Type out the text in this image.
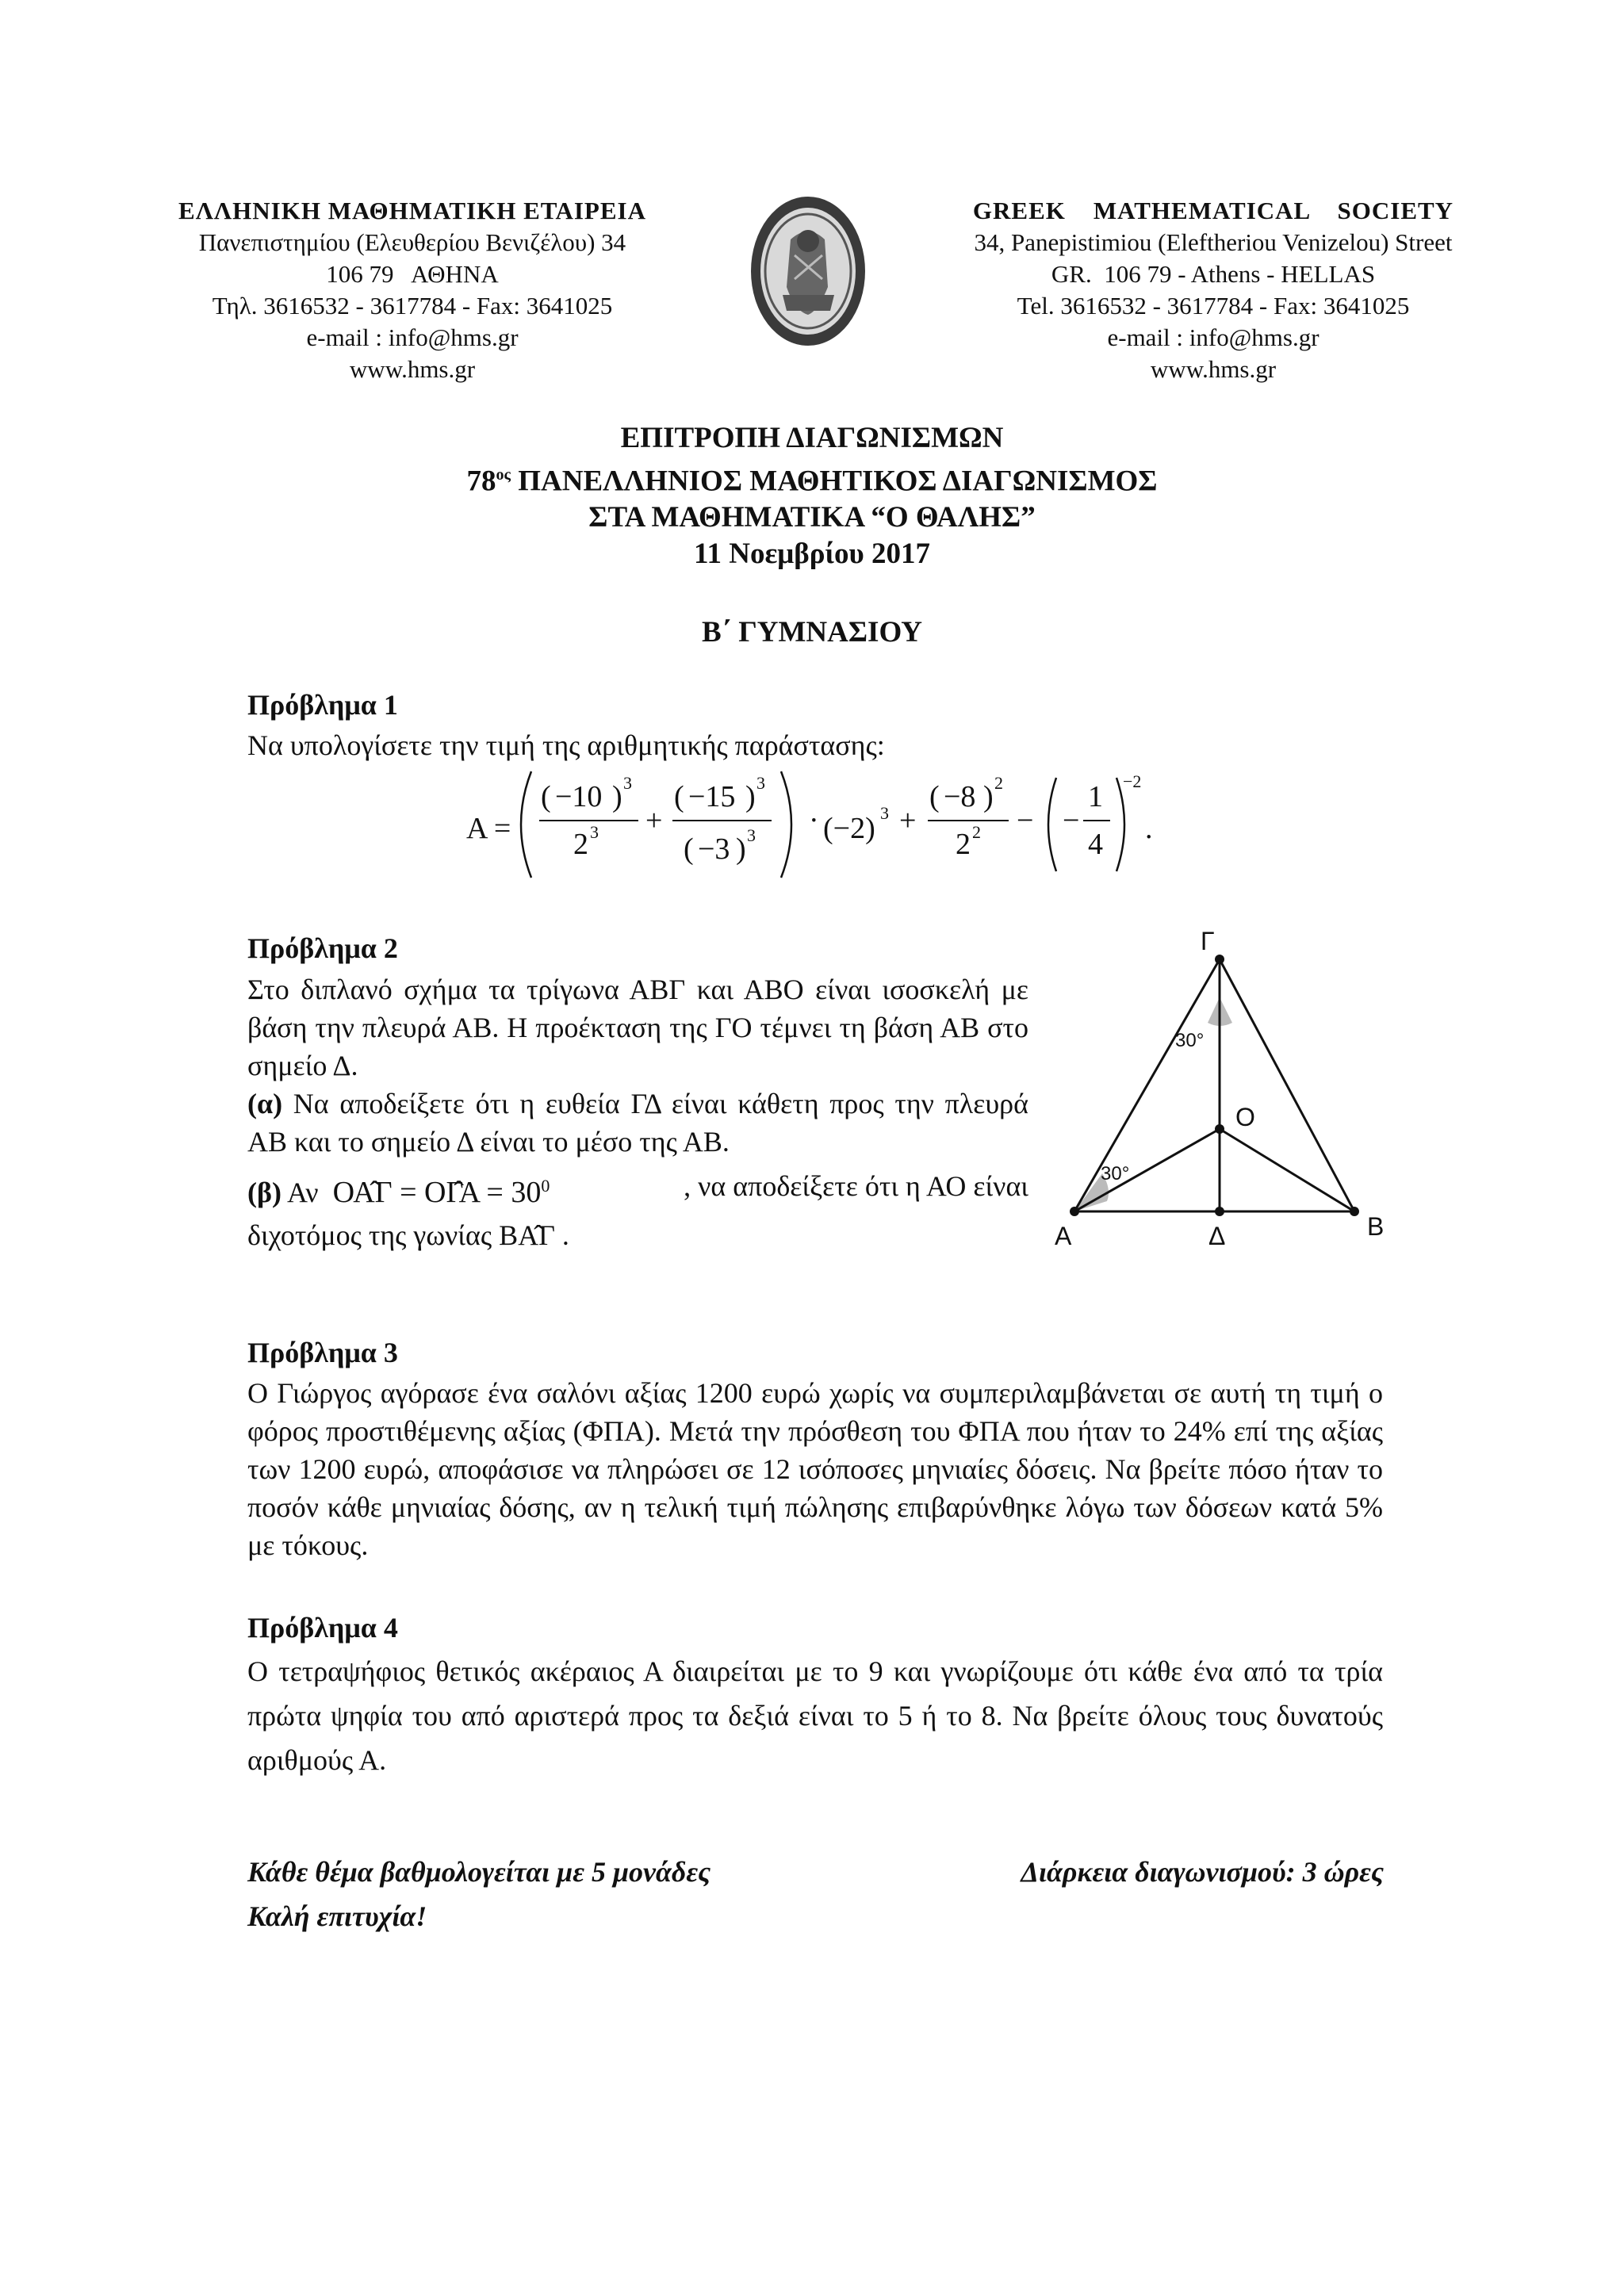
ΕΛΛΗΝΙΚΗ ΜΑΘΗΜΑΤΙΚΗ ΕΤΑΙΡΕΙΑ
Πανεπιστημίου (Ελευθερίου Βενιζέλου) 34
106 79   ΑΘΗΝΑ
Τηλ. 3616532 - 3617784 - Fax: 3641025
e-mail : info@hms.gr
www.hms.gr
GREEK    MATHEMATICAL    SOCIETY
34, Panepistimiou (Eleftheriou Venizelou) Street
GR.  106 79 - Athens - HELLAS
Tel. 3616532 - 3617784 - Fax: 3641025
e-mail : info@hms.gr
www.hms.gr
ΕΠΙΤΡΟΠΗ ΔΙΑΓΩΝΙΣΜΩΝ
$78^{o\varsigma}$ ΠΑΝΕΛΛΗΝΙΟΣ ΜΑΘΗΤΙΚΟΣ ΔΙΑΓΩΝΙΣΜΟΣ
ΣΤΑ ΜΑΘΗΜΑΤΙΚΑ “Ο ΘΑΛΗΣ”
11 Νοεμβρίου 2017
Β΄ ΓΥΜΝΑΣΙΟΥ
Πρόβλημα 1
Να υπολογίσετε την τιμή της αριθμητικής παράστασης:
Α =
( −10 ) 3
2 3 +
( −15 ) 3
( −3 ) 3 · (−2) 3 +
( −8 ) 2
2 2 − −
1
4
−2
.
Πρόβλημα 2
Στο διπλανό σχήμα τα τρίγωνα ΑΒΓ και ΑΒΟ είναι ισοσκελή με βάση την πλευρά ΑΒ. Η προέκταση της ΓΟ τέμνει τη βάση ΑΒ στο σημείο Δ.
(α) Να αποδείξετε ότι η ευθεία ΓΔ είναι κάθετη προς την πλευρά ΑΒ και το σημείο Δ είναι το μέσο της ΑΒ.
(β) Αν ΟΑ̂Γ = ΟΓ̂Α = $30^0$	, να αποδείξετε ότι η ΑΟ είναι
διχοτόμος της γωνίας ΒΑ̂Γ .
Γ
Ο
Α	Β
Δ
30°
30°
Πρόβλημα 3
Ο Γιώργος αγόρασε ένα σαλόνι αξίας 1200 ευρώ χωρίς να συμπεριλαμβάνεται σε αυτή τη τιμή ο φόρος προστιθέμενης αξίας (ΦΠΑ). Μετά την πρόσθεση του ΦΠΑ που ήταν το 24% επί της αξίας των 1200 ευρώ, αποφάσισε να πληρώσει σε 12 ισόποσες μηνιαίες δόσεις. Να βρείτε πόσο ήταν το ποσόν κάθε μηνιαίας δόσης, αν η τελική τιμή πώλησης επιβαρύνθηκε λόγω των δόσεων κατά 5% με τόκους.
Πρόβλημα 4
Ο τετραψήφιος θετικός ακέραιος Α διαιρείται με το 9 και γνωρίζουμε ότι κάθε ένα από τα τρία πρώτα ψηφία του από αριστερά προς τα δεξιά είναι το 5 ή το 8. Να βρείτε όλους τους δυνατούς αριθμούς Α.
Κάθε θέμα βαθμολογείται με 5 μονάδες	Διάρκεια διαγωνισμού: 3 ώρες
Καλή επιτυχία!
